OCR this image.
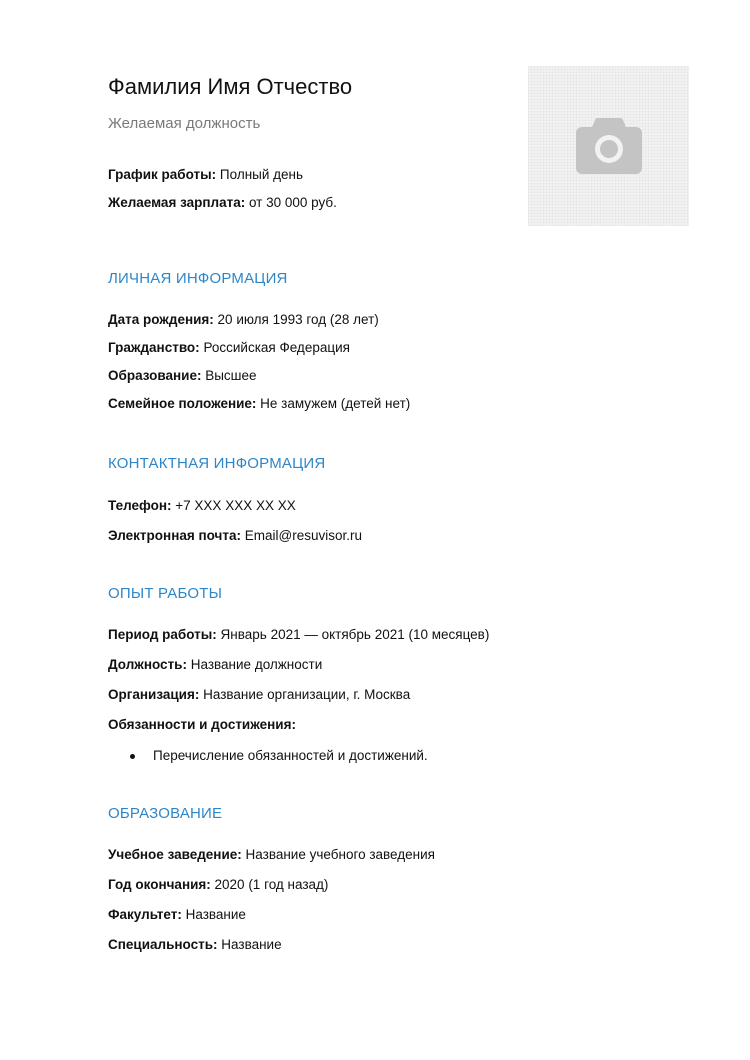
Фамилия Имя Отчество
Желаемая должность
График работы: Полный день
Желаемая зарплата: от 30 000 руб.
ЛИЧНАЯ ИНФОРМАЦИЯ
Дата рождения: 20 июля 1993 год (28 лет)
Гражданство: Российская Федерация
Образование: Высшее
Семейное положение: Не замужем (детей нет)
КОНТАКТНАЯ ИНФОРМАЦИЯ
Телефон: +7 XXX XXX XX XX
Электронная почта: Email@resuvisor.ru
ОПЫТ РАБОТЫ
Период работы: Январь 2021 — октябрь 2021 (10 месяцев)
Должность: Название должности
Организация: Название организации, г. Москва
Обязанности и достижения:
Перечисление обязанностей и достижений.
ОБРАЗОВАНИЕ
Учебное заведение: Название учебного заведения
Год окончания: 2020 (1 год назад)
Факультет: Название
Специальность: Название
